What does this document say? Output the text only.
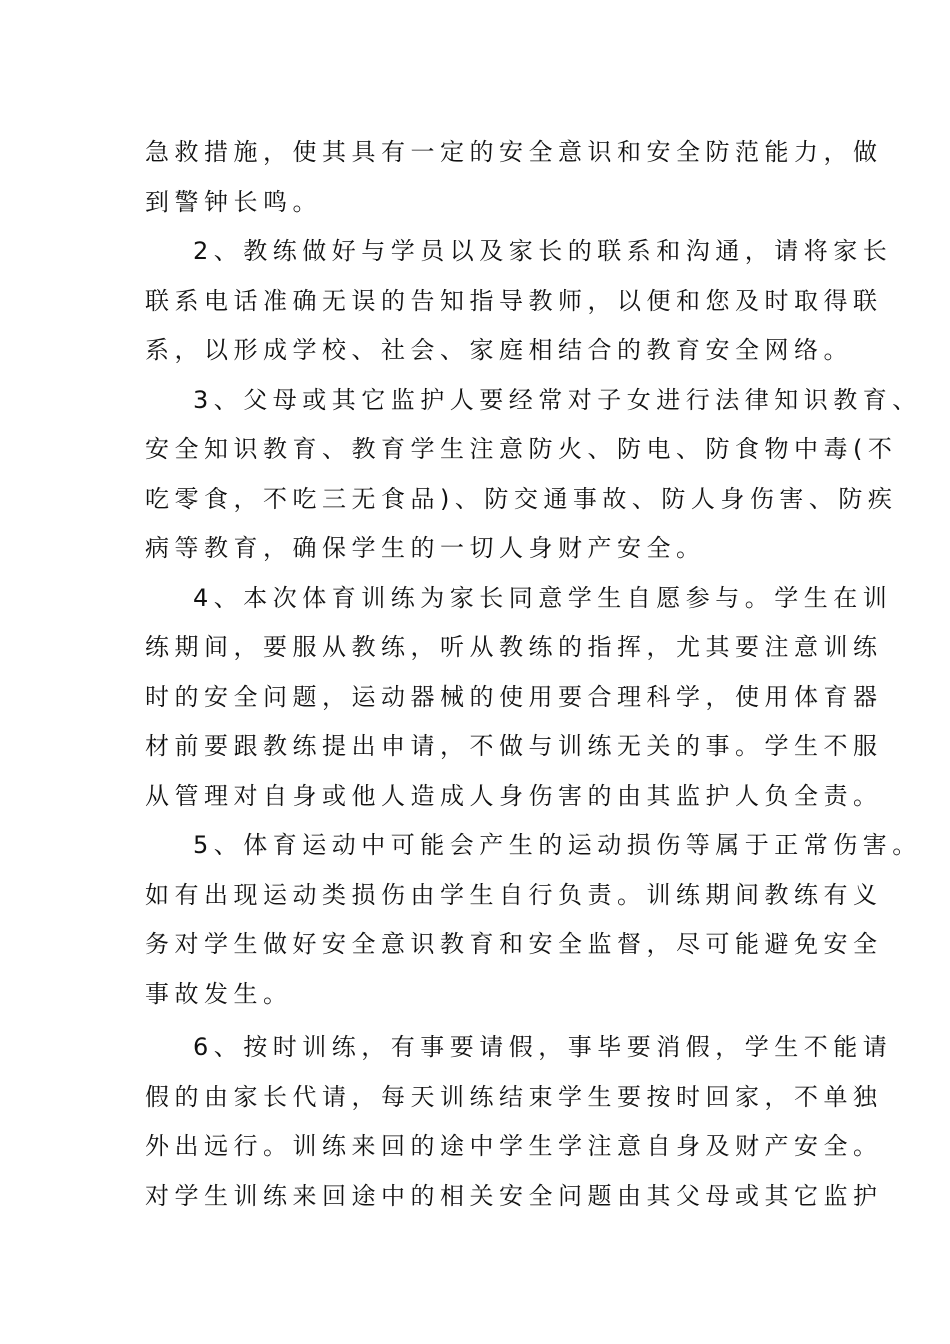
急救措施，使其具有一定的安全意识和安全防范能力，做
到警钟长鸣。
2、教练做好与学员以及家长的联系和沟通，请将家长
联系电话准确无误的告知指导教师，以便和您及时取得联
系，以形成学校、社会、家庭相结合的教育安全网络。
3、父母或其它监护人要经常对子女进行法律知识教育、
安全知识教育、教育学生注意防火、防电、防食物中毒(不
吃零食，不吃三无食品)、防交通事故、防人身伤害、防疾
病等教育，确保学生的一切人身财产安全。
4、本次体育训练为家长同意学生自愿参与。学生在训
练期间，要服从教练，听从教练的指挥，尤其要注意训练
时的安全问题，运动器械的使用要合理科学，使用体育器
材前要跟教练提出申请，不做与训练无关的事。学生不服
从管理对自身或他人造成人身伤害的由其监护人负全责。
5、体育运动中可能会产生的运动损伤等属于正常伤害。
如有出现运动类损伤由学生自行负责。训练期间教练有义
务对学生做好安全意识教育和安全监督，尽可能避免安全
事故发生。
6、按时训练，有事要请假，事毕要消假，学生不能请
假的由家长代请，每天训练结束学生要按时回家，不单独
外出远行。训练来回的途中学生学注意自身及财产安全。
对学生训练来回途中的相关安全问题由其父母或其它监护
